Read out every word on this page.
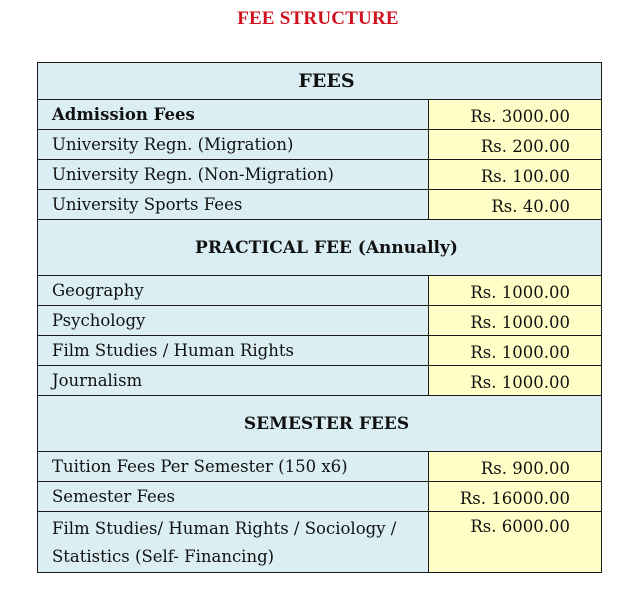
FEE STRUCTURE
FEES	
Admission Fees	Rs. 3000.00
University Regn. (Migration)	Rs. 200.00
University Regn. (Non-Migration)	Rs. 100.00
University Sports Fees	Rs. 40.00
PRACTICAL FEE (Annually)	
Geography	Rs. 1000.00
Psychology	Rs. 1000.00
Film Studies / Human Rights	Rs. 1000.00
Journalism	Rs. 1000.00
SEMESTER FEES	
Tuition Fees Per Semester (150 x6)	Rs. 900.00
Semester Fees	Rs. 16000.00
Film Studies/ Human Rights / Sociology / Statistics (Self- Financing)	Rs. 6000.00
